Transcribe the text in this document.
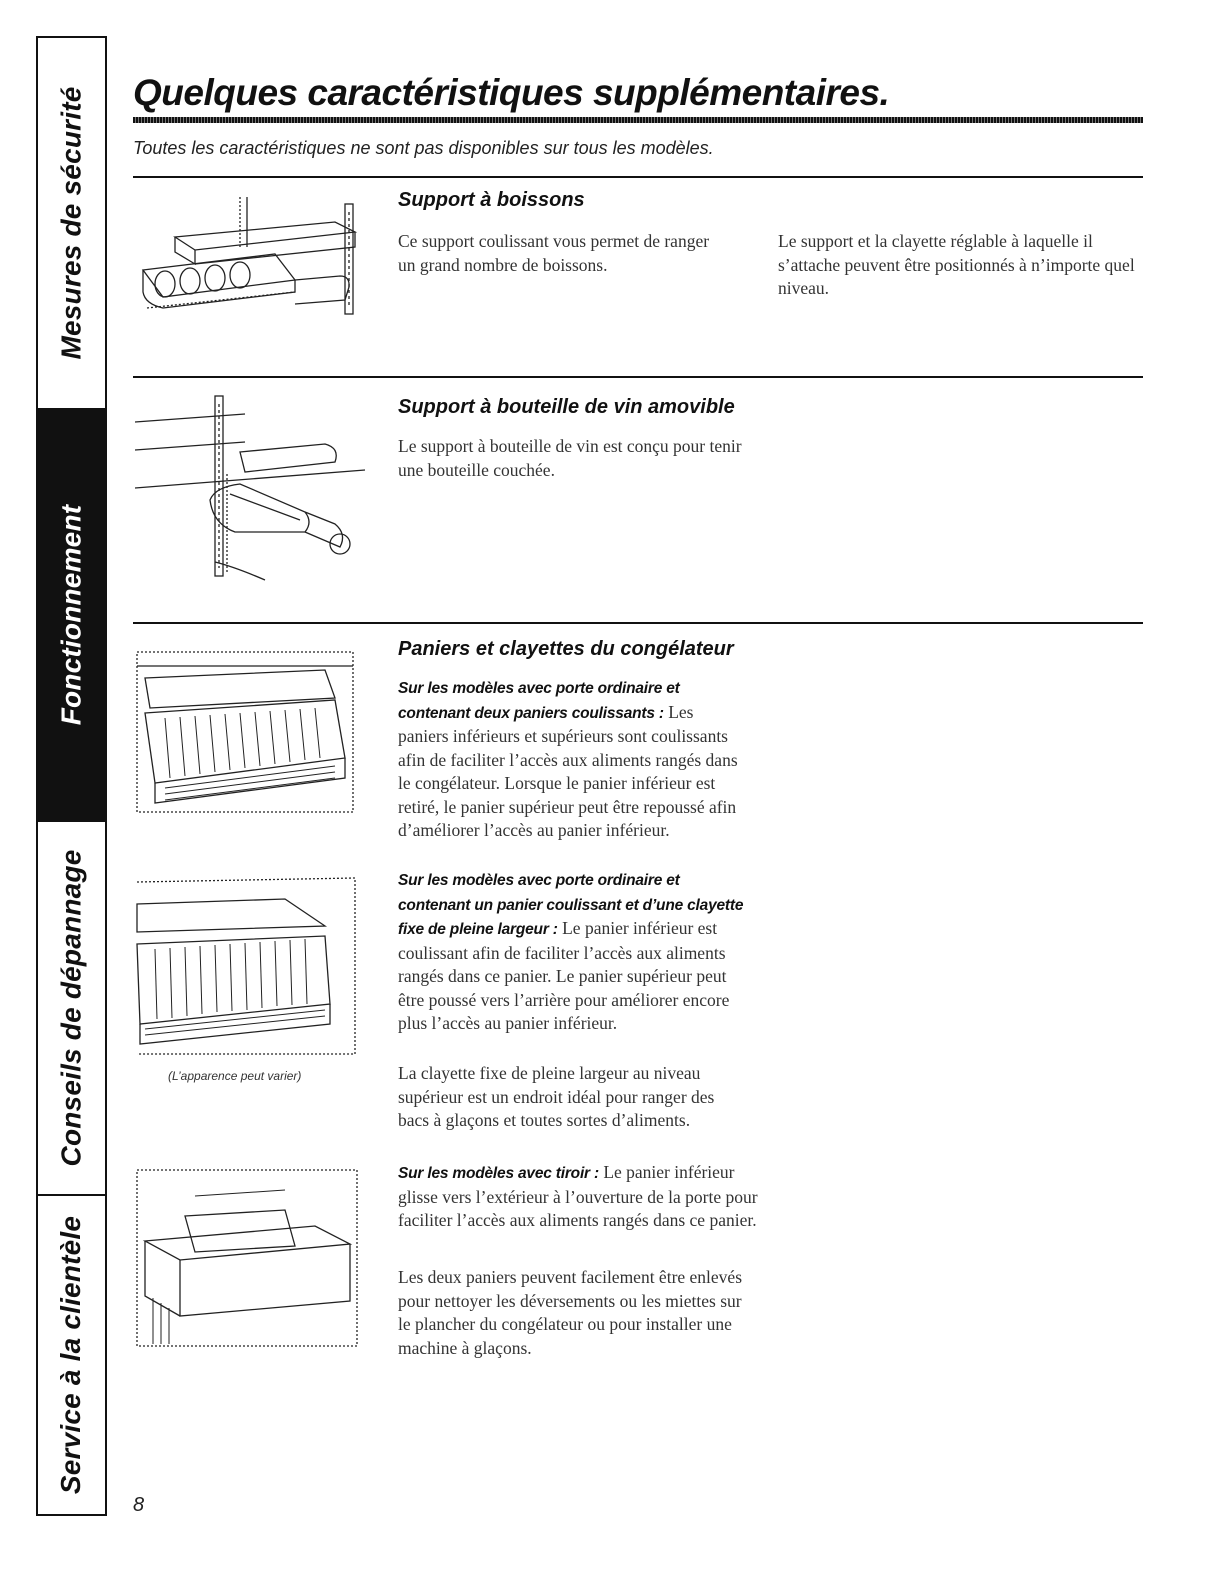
Mesures de sécurité
Fonctionnement
Conseils de dépannage
Service à la clientèle
Quelques caractéristiques supplémentaires.
Toutes les caractéristiques ne sont pas disponibles sur tous les modèles.
Support à boissons

Ce support coulissant vous permet de ranger un grand nombre de boissons.

Le support et la clayette réglable à laquelle il s’attache peuvent être positionnés à n’importe quel niveau.

Support à bouteille de vin amovible

Le support à bouteille de vin est conçu pour tenir une bouteille couchée.

(L’apparence peut varier)
Paniers et clayettes du congélateur

Sur les modèles avec porte ordinaire et contenant deux paniers coulissants : Les paniers inférieurs et supérieurs sont coulissants afin de faciliter l’accès aux aliments rangés dans le congélateur. Lorsque le panier inférieur est retiré, le panier supérieur peut être repoussé afin d’améliorer l’accès au panier inférieur.

Sur les modèles avec porte ordinaire et contenant un panier coulissant et d’une clayette fixe de pleine largeur : Le panier inférieur est coulissant afin de faciliter l’accès aux aliments rangés dans ce panier. Le panier supérieur peut être poussé vers l’arrière pour améliorer encore plus l’accès au panier inférieur.

La clayette fixe de pleine largeur au niveau supérieur est un endroit idéal pour ranger des bacs à glaçons et toutes sortes d’aliments.

Sur les modèles avec tiroir : Le panier inférieur glisse vers l’extérieur à l’ouverture de la porte pour faciliter l’accès aux aliments rangés dans ce panier.

Les deux paniers peuvent facilement être enlevés pour nettoyer les déversements ou les miettes sur le plancher du congélateur ou pour installer une machine à glaçons.

8
